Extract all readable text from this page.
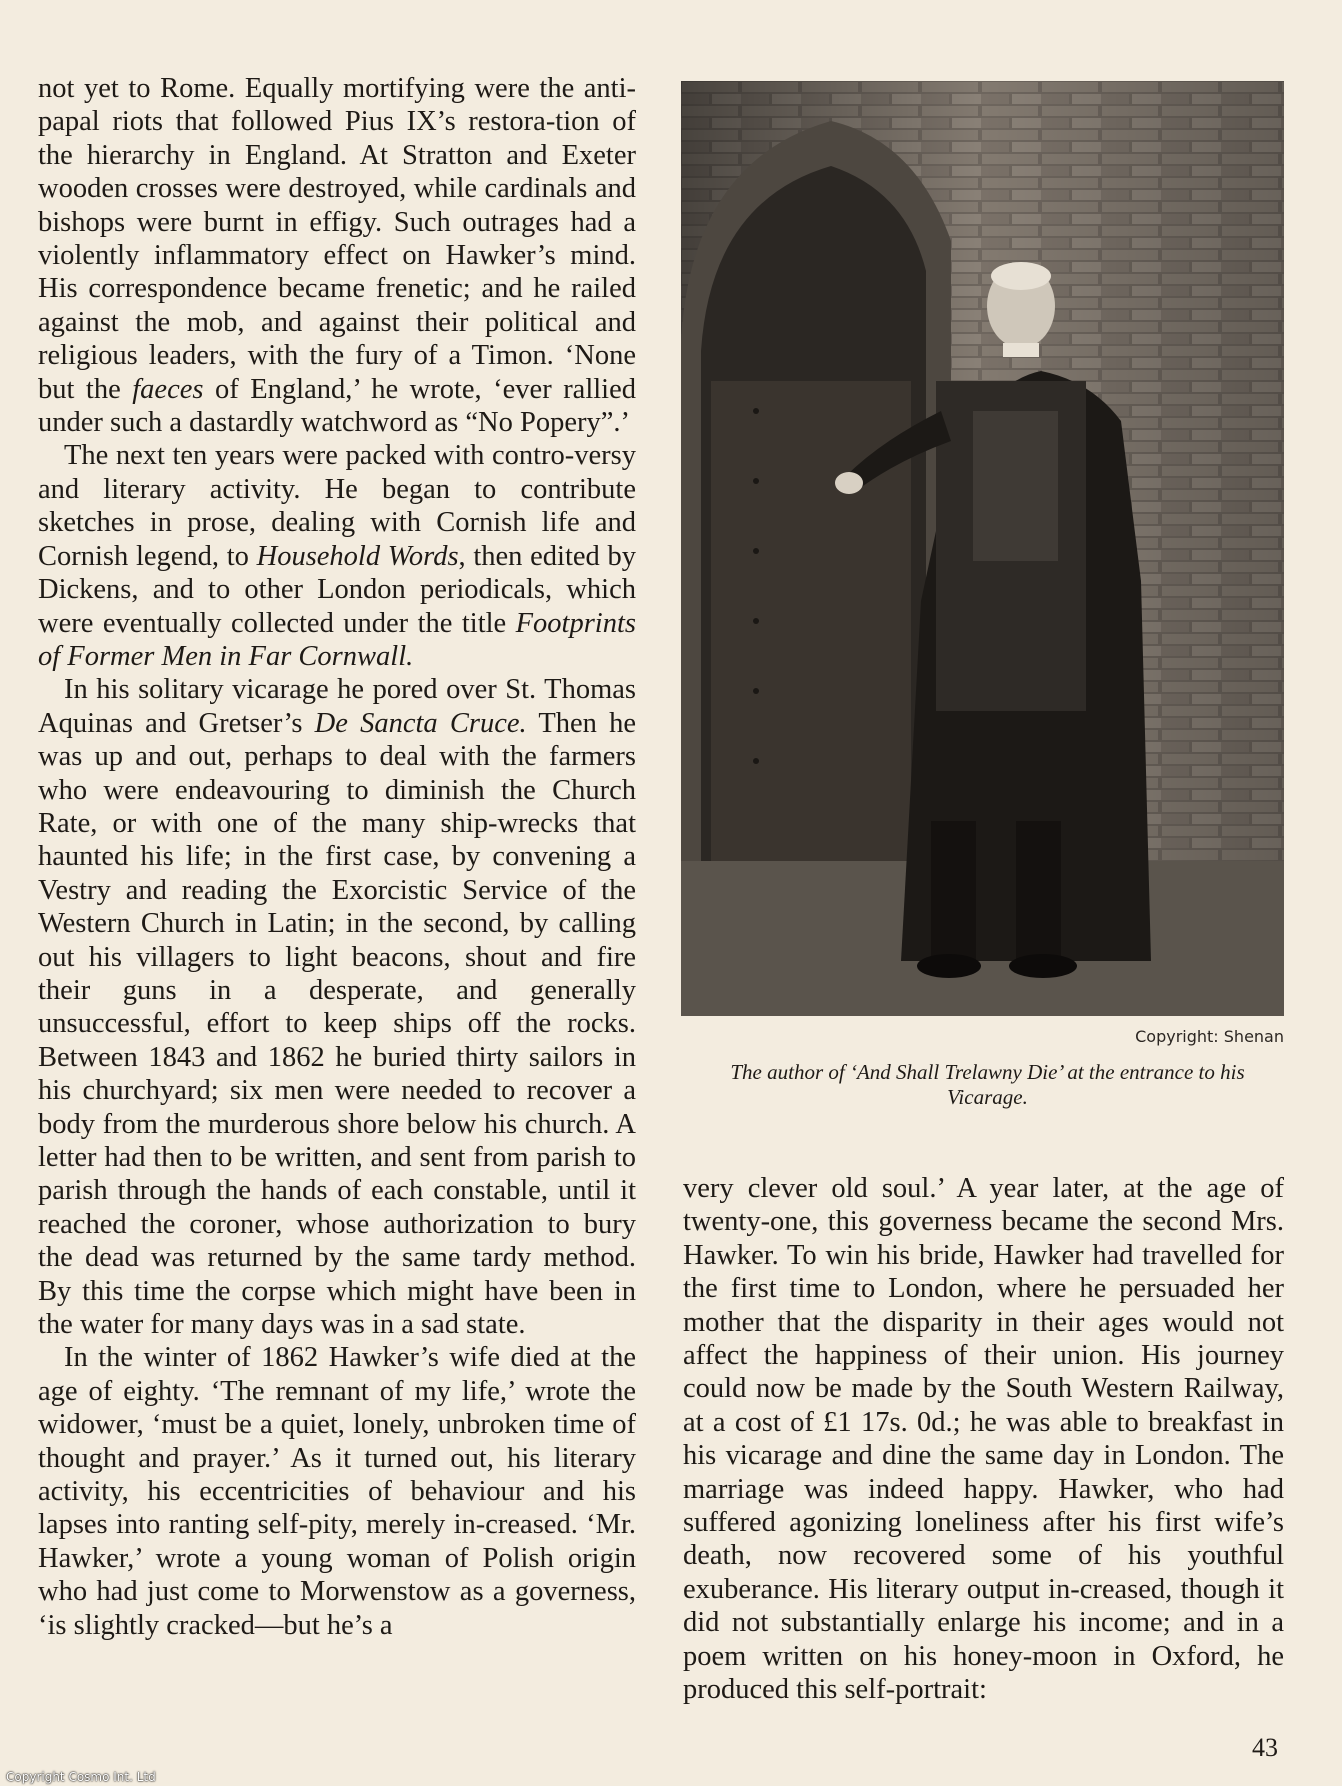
not yet to Rome. Equally mortifying were the anti-papal riots that followed Pius IX’s restora-tion of the hierarchy in England. At Stratton and Exeter wooden crosses were destroyed, while cardinals and bishops were burnt in effigy. Such outrages had a violently inflammatory effect on Hawker’s mind. His correspondence became frenetic; and he railed against the mob, and against their political and religious leaders, with the fury of a Timon. ‘None but the faeces of England,’ he wrote, ‘ever rallied under such a dastardly watchword as “No Popery”.’

The next ten years were packed with contro-versy and literary activity. He began to contribute sketches in prose, dealing with Cornish life and Cornish legend, to Household Words, then edited by Dickens, and to other London periodicals, which were eventually collected under the title Footprints of Former Men in Far Cornwall.

In his solitary vicarage he pored over St. Thomas Aquinas and Gretser’s De Sancta Cruce. Then he was up and out, perhaps to deal with the farmers who were endeavouring to diminish the Church Rate, or with one of the many ship-wrecks that haunted his life; in the first case, by convening a Vestry and reading the Exorcistic Service of the Western Church in Latin; in the second, by calling out his villagers to light beacons, shout and fire their guns in a desperate, and generally unsuccessful, effort to keep ships off the rocks. Between 1843 and 1862 he buried thirty sailors in his churchyard; six men were needed to recover a body from the murderous shore below his church. A letter had then to be written, and sent from parish to parish through the hands of each constable, until it reached the coroner, whose authorization to bury the dead was returned by the same tardy method. By this time the corpse which might have been in the water for many days was in a sad state.

In the winter of 1862 Hawker’s wife died at the age of eighty. ‘The remnant of my life,’ wrote the widower, ‘must be a quiet, lonely, unbroken time of thought and prayer.’ As it turned out, his literary activity, his eccentricities of behaviour and his lapses into ranting self-pity, merely in-creased. ‘Mr. Hawker,’ wrote a young woman of Polish origin who had just come to Morwenstow as a governess, ‘is slightly cracked—but he’s a

Copyright: Shenan
The author of ‘And Shall Trelawny Die’ at the entrance to his Vicarage.

very clever old soul.’ A year later, at the age of twenty-one, this governess became the second Mrs. Hawker. To win his bride, Hawker had travelled for the first time to London, where he persuaded her mother that the disparity in their ages would not affect the happiness of their union. His journey could now be made by the South Western Railway, at a cost of £1 17s. 0d.; he was able to breakfast in his vicarage and dine the same day in London. The marriage was indeed happy. Hawker, who had suffered agonizing loneliness after his first wife’s death, now recovered some of his youthful exuberance. His literary output in-creased, though it did not substantially enlarge his income; and in a poem written on his honey-moon in Oxford, he produced this self-portrait:

43
Copyright Cosmo Int. Ltd
